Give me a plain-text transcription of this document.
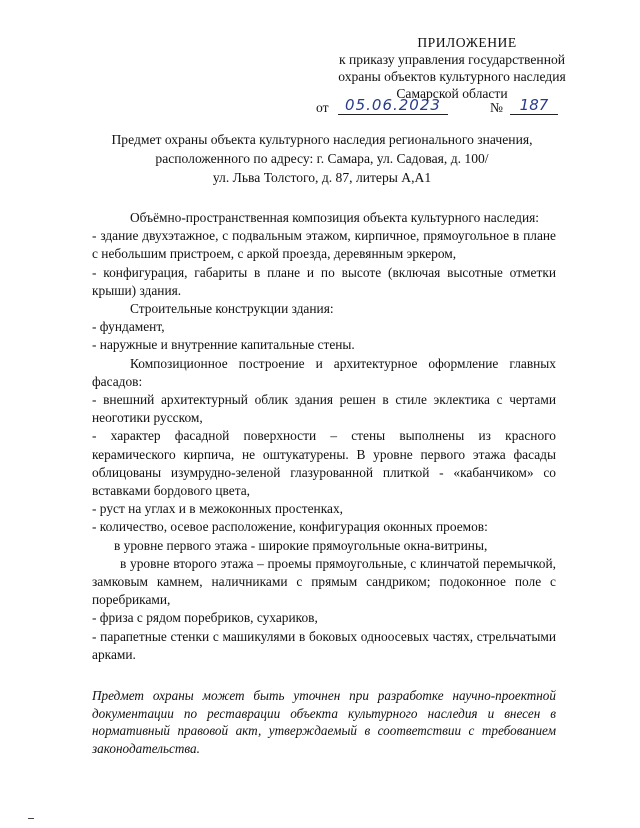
ПРИЛОЖЕНИЕ
к приказу управления государственной
охраны объектов культурного наследия
Самарской области
от	05.06.2023	№	187
Предмет охраны объекта культурного наследия регионального значения,
расположенного по адресу: г. Самара, ул. Садовая, д. 100/
ул. Льва Толстого, д. 87, литеры А,А1

Объёмно-пространственная композиция объекта культурного наследия:

- здание двухэтажное, с подвальным этажом, кирпичное, прямоугольное в плане с небольшим пристроем, с аркой проезда, деревянным эркером,

- конфигурация, габариты в плане и по высоте (включая высотные отметки крыши) здания.

Строительные конструкции здания:

- фундамент,

- наружные и внутренние капитальные стены.

Композиционное построение и архитектурное оформление главных фасадов:

- внешний архитектурный облик здания решен в стиле эклектика с чертами неоготики русском,

- характер фасадной поверхности – стены выполнены из красного керамического кирпича, не оштукатурены. В уровне первого этажа фасады облицованы изумрудно-зеленой глазурованной плиткой - «кабанчиком» со вставками бордового цвета,

- руст на углах и в межоконных простенках,

- количество, осевое расположение, конфигурация оконных проемов:

в уровне первого этажа - широкие прямоугольные окна-витрины,

в уровне второго этажа – проемы прямоугольные, с клинчатой перемычкой, замковым камнем, наличниками с прямым сандриком; подоконное поле с поребриками,

- фриза с рядом поребриков, сухариков,

- парапетные стенки с машикулями в боковых одноосевых частях, стрельчатыми арками.

Предмет охраны может быть уточнен при разработке научно-проектной документации по реставрации объекта культурного наследия и внесен в нормативный правовой акт, утверждаемый в соответствии с требованием законодательства.
